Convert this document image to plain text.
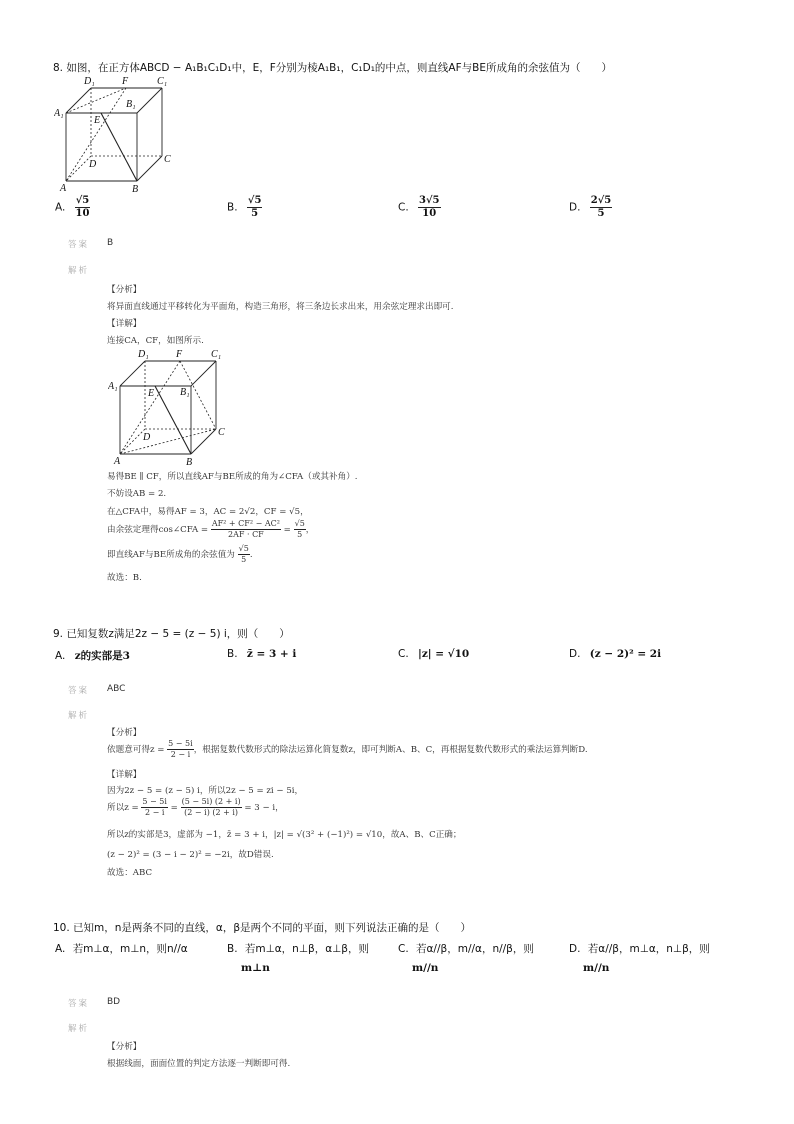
8. 如图，在正方体ABCD − A₁B₁C₁D₁中，E，F分别为棱A₁B₁，C₁D₁的中点，则直线AF与BE所成角的余弦值为（　　）
D₁	F	C₁
A₁
B₁
E
D	C
A	B
A. $\frac{√5}{10}$	B. $\frac{√5}{5}$	C. $\frac{3√5}{10}$	D. $\frac{2√5}{5}$
答案 B
解析
【分析】
将异面直线通过平移转化为平面角，构造三角形，将三条边长求出来，用余弦定理求出即可.
【详解】
连接CA，CF，如图所示.
D₁	F	C₁
A₁
B₁
E
D	C
A	B
易得BE ∥ CF，所以直线AF与BE所成的角为∠CFA（或其补角）.
不妨设AB = 2.
在△CFA中，易得AF = 3，AC = 2√2，CF = √5，
由余弦定理得cos∠CFA = $\frac{\text{AF² + CF² − AC²}}{2AF \cdot CF} = \frac{√5}{5}$ ，
即直线AF与BE所成角的余弦值为 $\frac{√5}{5}$ .
故选：B.
9. 已知复数z满足2z − 5 = (z − 5) i，则（　　）
A. z的实部是3	B. z̄ = 3 + i	C. |z| = √10	D. (z − 2)² = 2i
答案 ABC
解析
【分析】
依题意可得$z = \frac{5 - 5i}{2 - i}$ ，根据复数代数形式的除法运算化简复数z，即可判断A、B、C，再根据复数代数形式的乘法运算判断D.
【详解】
因为2z − 5 = (z − 5) i，所以2z − 5 = zi − 5i，
所以$z = \frac{5 - 5i}{2 - i} = \frac{(5 - 5i) (2 + i)}{(2 - i) (2 + i)} = 3 - i$，
所以z的实部是3，虚部为 −1，z̄ = 3 + i，|z| = √(3² + (−1)²) = √10，故A、B、C正确；
(z − 2)² = (3 − i − 2)² = −2i，故D错误.
故选：ABC
10. 已知m，n是两条不同的直线，α，β是两个不同的平面，则下列说法正确的是（　　）
A. 若m⊥α，m⊥n，则n//α	B. 若m⊥α，n⊥β，α⊥β，则
m⊥n
C. 若α//β，m//α，n//β，则
m//n
D. 若α//β，m⊥α，n⊥β，则
m//n
答案 BD
解析
【分析】
根据线面，面面位置的判定方法逐一判断即可得.
